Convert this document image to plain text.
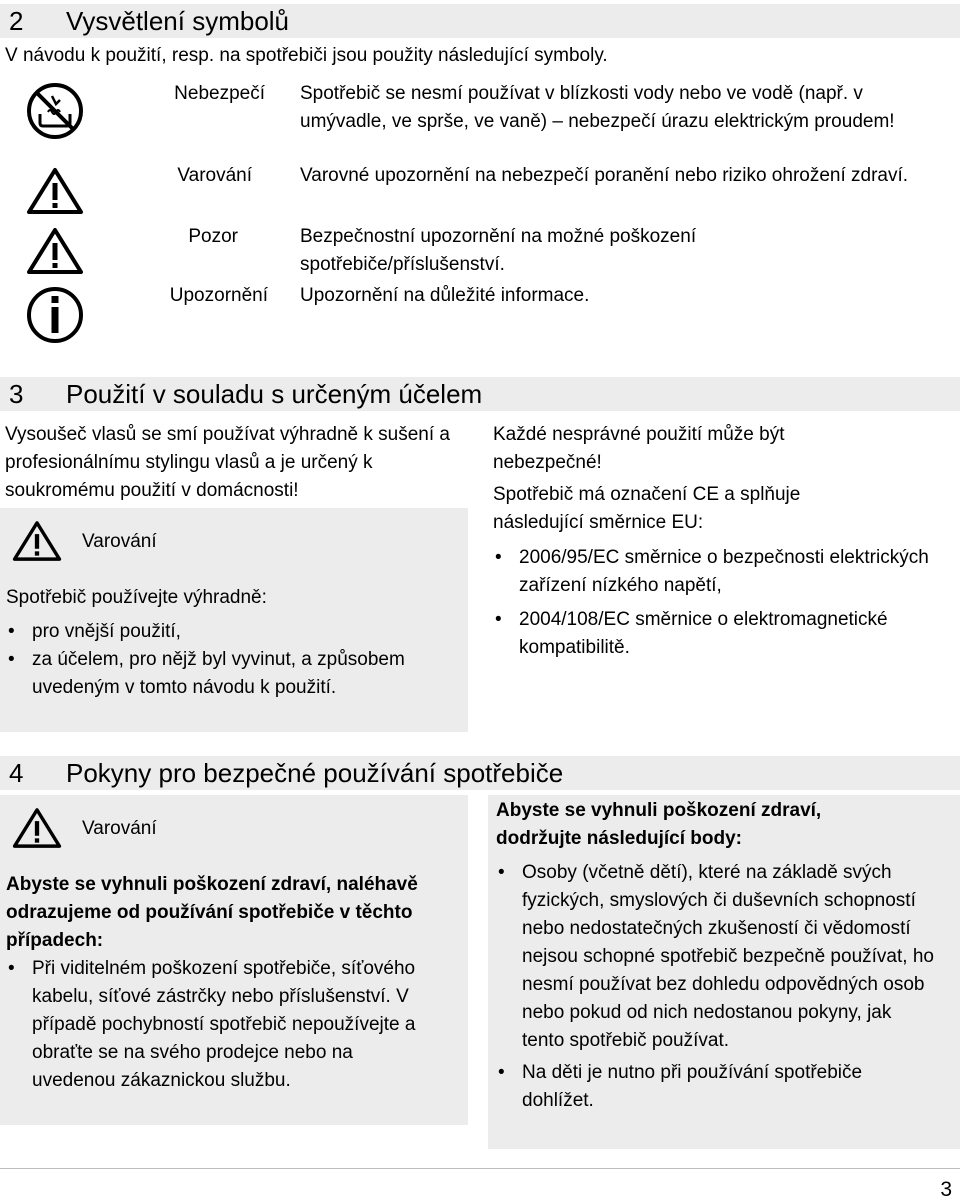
2 Vysvětlení symbolů
V návodu k použití, resp. na spotřebiči jsou použity následující symboly.
Nebezpečí Spotřebič se nesmí používat v blízkosti vody nebo ve vodě (např. v umývadle, ve sprše, ve vaně) – nebezpečí úrazu elektrickým proudem!
Varování	Varovné upozornění na nebezpečí poranění nebo riziko ohrožení zdraví.
Pozor	Bezpečnostní upozornění na možné poškození spotřebiče/příslušenství.
Upozornění Upozornění na důležité informace.
3 Použití v souladu s určeným účelem
Vysoušeč vlasů se smí používat výhradně k sušení a profesionálnímu stylingu vlasů a je určený k soukromému použití v domácnosti!
Varování
Spotřebič používejte výhradně:
• pro vnější použití,
• za účelem, pro nějž byl vyvinut, a způsobem uvedeným v tomto návodu k použití.
Každé nesprávné použití může být nebezpečné!
Spotřebič má označení CE a splňuje následující směrnice EU:
• 2006/95/EC směrnice o bezpečnosti elektrických zařízení nízkého napětí,
• 2004/108/EC směrnice o elektromagnetické kompatibilitě.
4 Pokyny pro bezpečné používání spotřebiče
Varování
Abyste se vyhnuli poškození zdraví, naléhavě odrazujeme od používání spotřebiče v těchto případech:
• Při viditelném poškození spotřebiče, síťového kabelu, síťové zástrčky nebo příslušenství. V případě pochybností spotřebič nepoužívejte a obraťte se na svého prodejce nebo na uvedenou zákaznickou službu.
Abyste se vyhnuli poškození zdraví, dodržujte následující body:
• Osoby (včetně dětí), které na základě svých fyzických, smyslových či duševních schopností nebo nedostatečných zkušeností či vědomostí nejsou schopné spotřebič bezpečně používat, ho nesmí používat bez dohledu odpovědných osob nebo pokud od nich nedostanou pokyny, jak tento spotřebič používat.
• Na děti je nutno při používání spotřebiče dohlížet.
3
